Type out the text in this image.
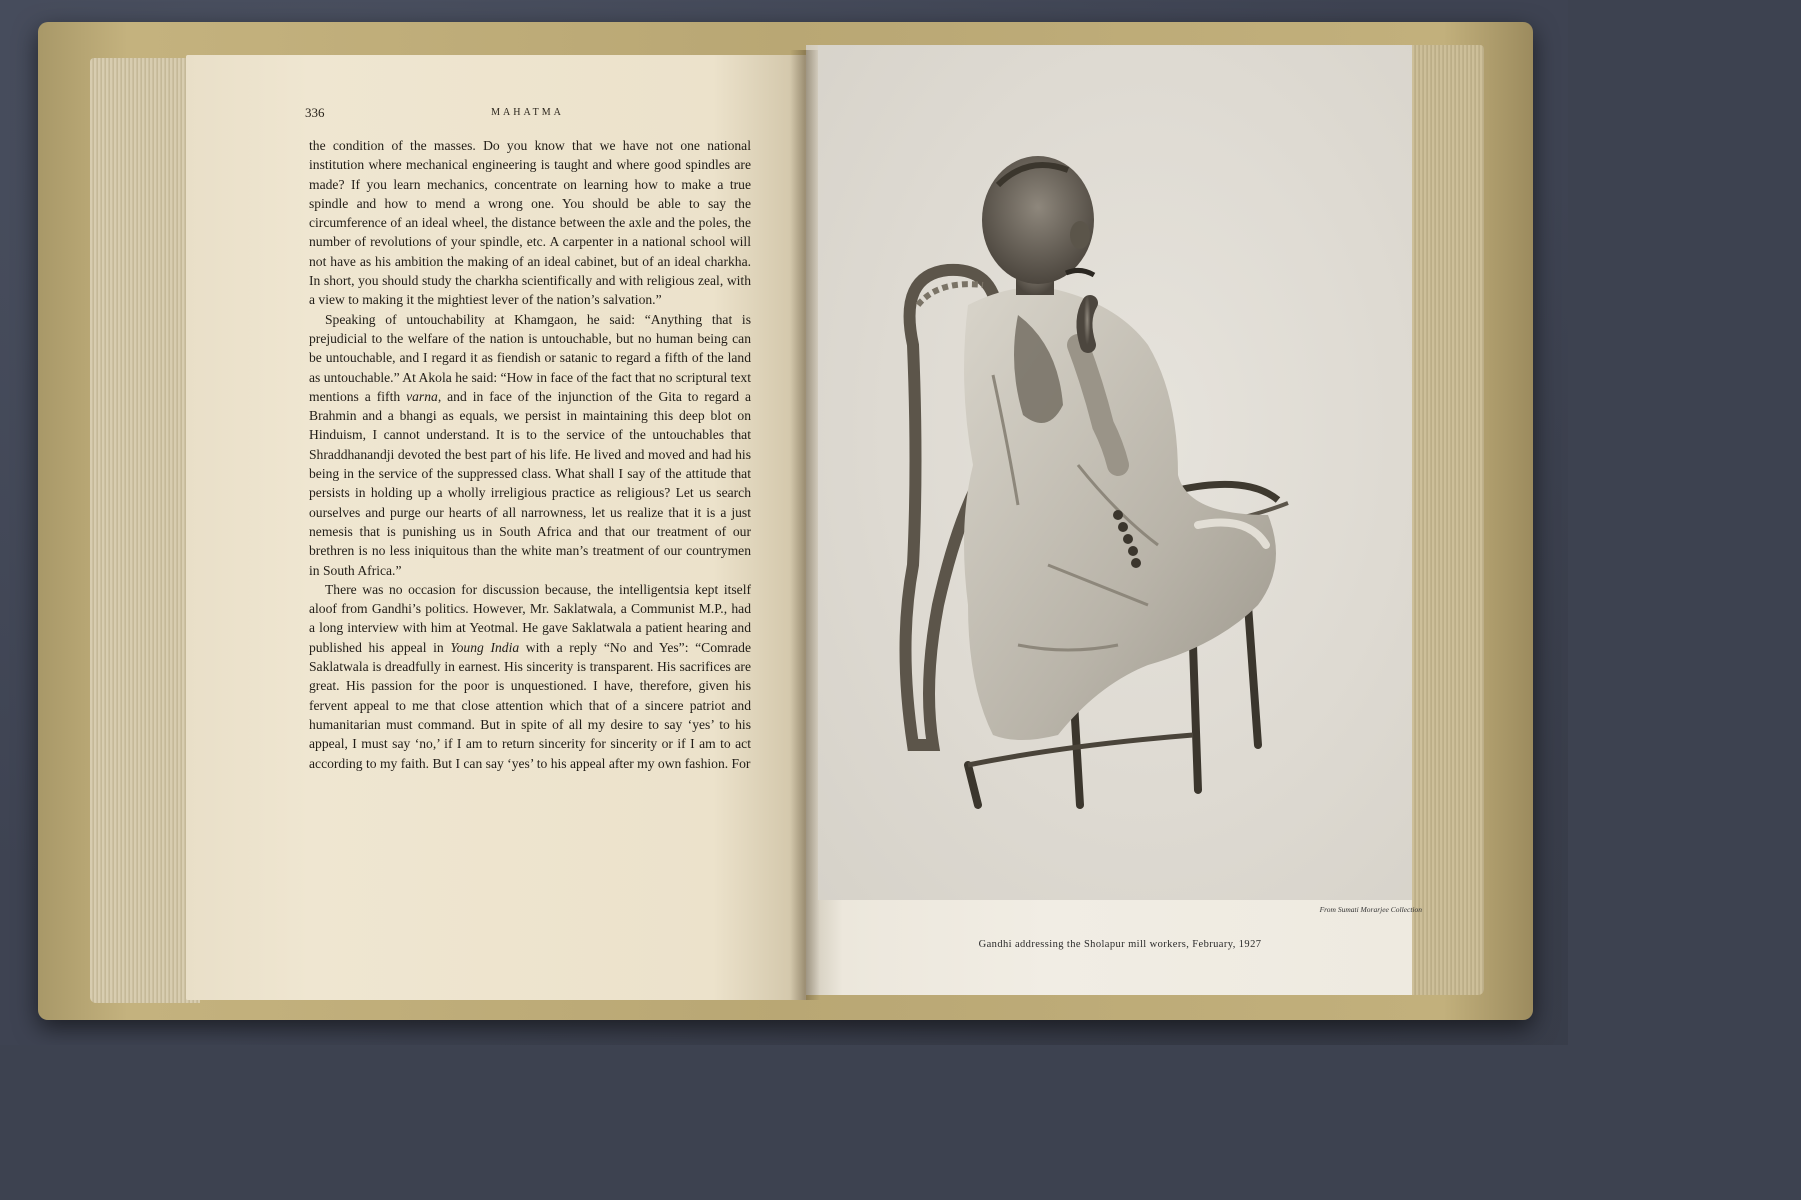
336	MAHATMA

the condition of the masses. Do you know that we have not one national institution where mechanical engineering is taught and where good spindles are made? If you learn mechanics, concentrate on learning how to make a true spindle and how to mend a wrong one. You should be able to say the circumference of an ideal wheel, the distance between the axle and the poles, the number of revolutions of your spindle, etc. A carpenter in a national school will not have as his ambition the making of an ideal cabinet, but of an ideal charkha. In short, you should study the charkha scientifically and with religious zeal, with a view to making it the mightiest lever of the nation’s salvation.”

Speaking of untouchability at Khamgaon, he said: “Anything that is prejudicial to the welfare of the nation is untouchable, but no human being can be untouchable, and I regard it as fiendish or satanic to regard a fifth of the land as untouchable.” At Akola he said: “How in face of the fact that no scriptural text mentions a fifth varna, and in face of the injunction of the Gita to regard a Brahmin and a bhangi as equals, we persist in maintaining this deep blot on Hinduism, I cannot understand. It is to the service of the untouchables that Shraddhanandji devoted the best part of his life. He lived and moved and had his being in the service of the suppressed class. What shall I say of the attitude that persists in holding up a wholly irreligious practice as religious? Let us search ourselves and purge our hearts of all narrowness, let us realize that it is a just nemesis that is punishing us in South Africa and that our treatment of our brethren is no less iniquitous than the white man’s treatment of our countrymen in South Africa.”

There was no occasion for discussion because, the intelligentsia kept itself aloof from Gandhi’s politics. However, Mr. Saklatwala, a Communist M.P., had a long interview with him at Yeotmal. He gave Saklatwala a patient hearing and published his appeal in Young India with a reply “No and Yes”: “Comrade Saklatwala is dreadfully in earnest. His sincerity is transparent. His sacrifices are great. His passion for the poor is unquestioned. I have, therefore, given his fervent appeal to me that close attention which that of a sincere patriot and humanitarian must command. But in spite of all my desire to say ‘yes’ to his appeal, I must say ‘no,’ if I am to return sincerity for sincerity or if I am to act according to my faith. But I can say ‘yes’ to his appeal after my own fashion. For

From Sumati Morarjee Collection
Gandhi addressing the Sholapur mill workers, February, 1927
